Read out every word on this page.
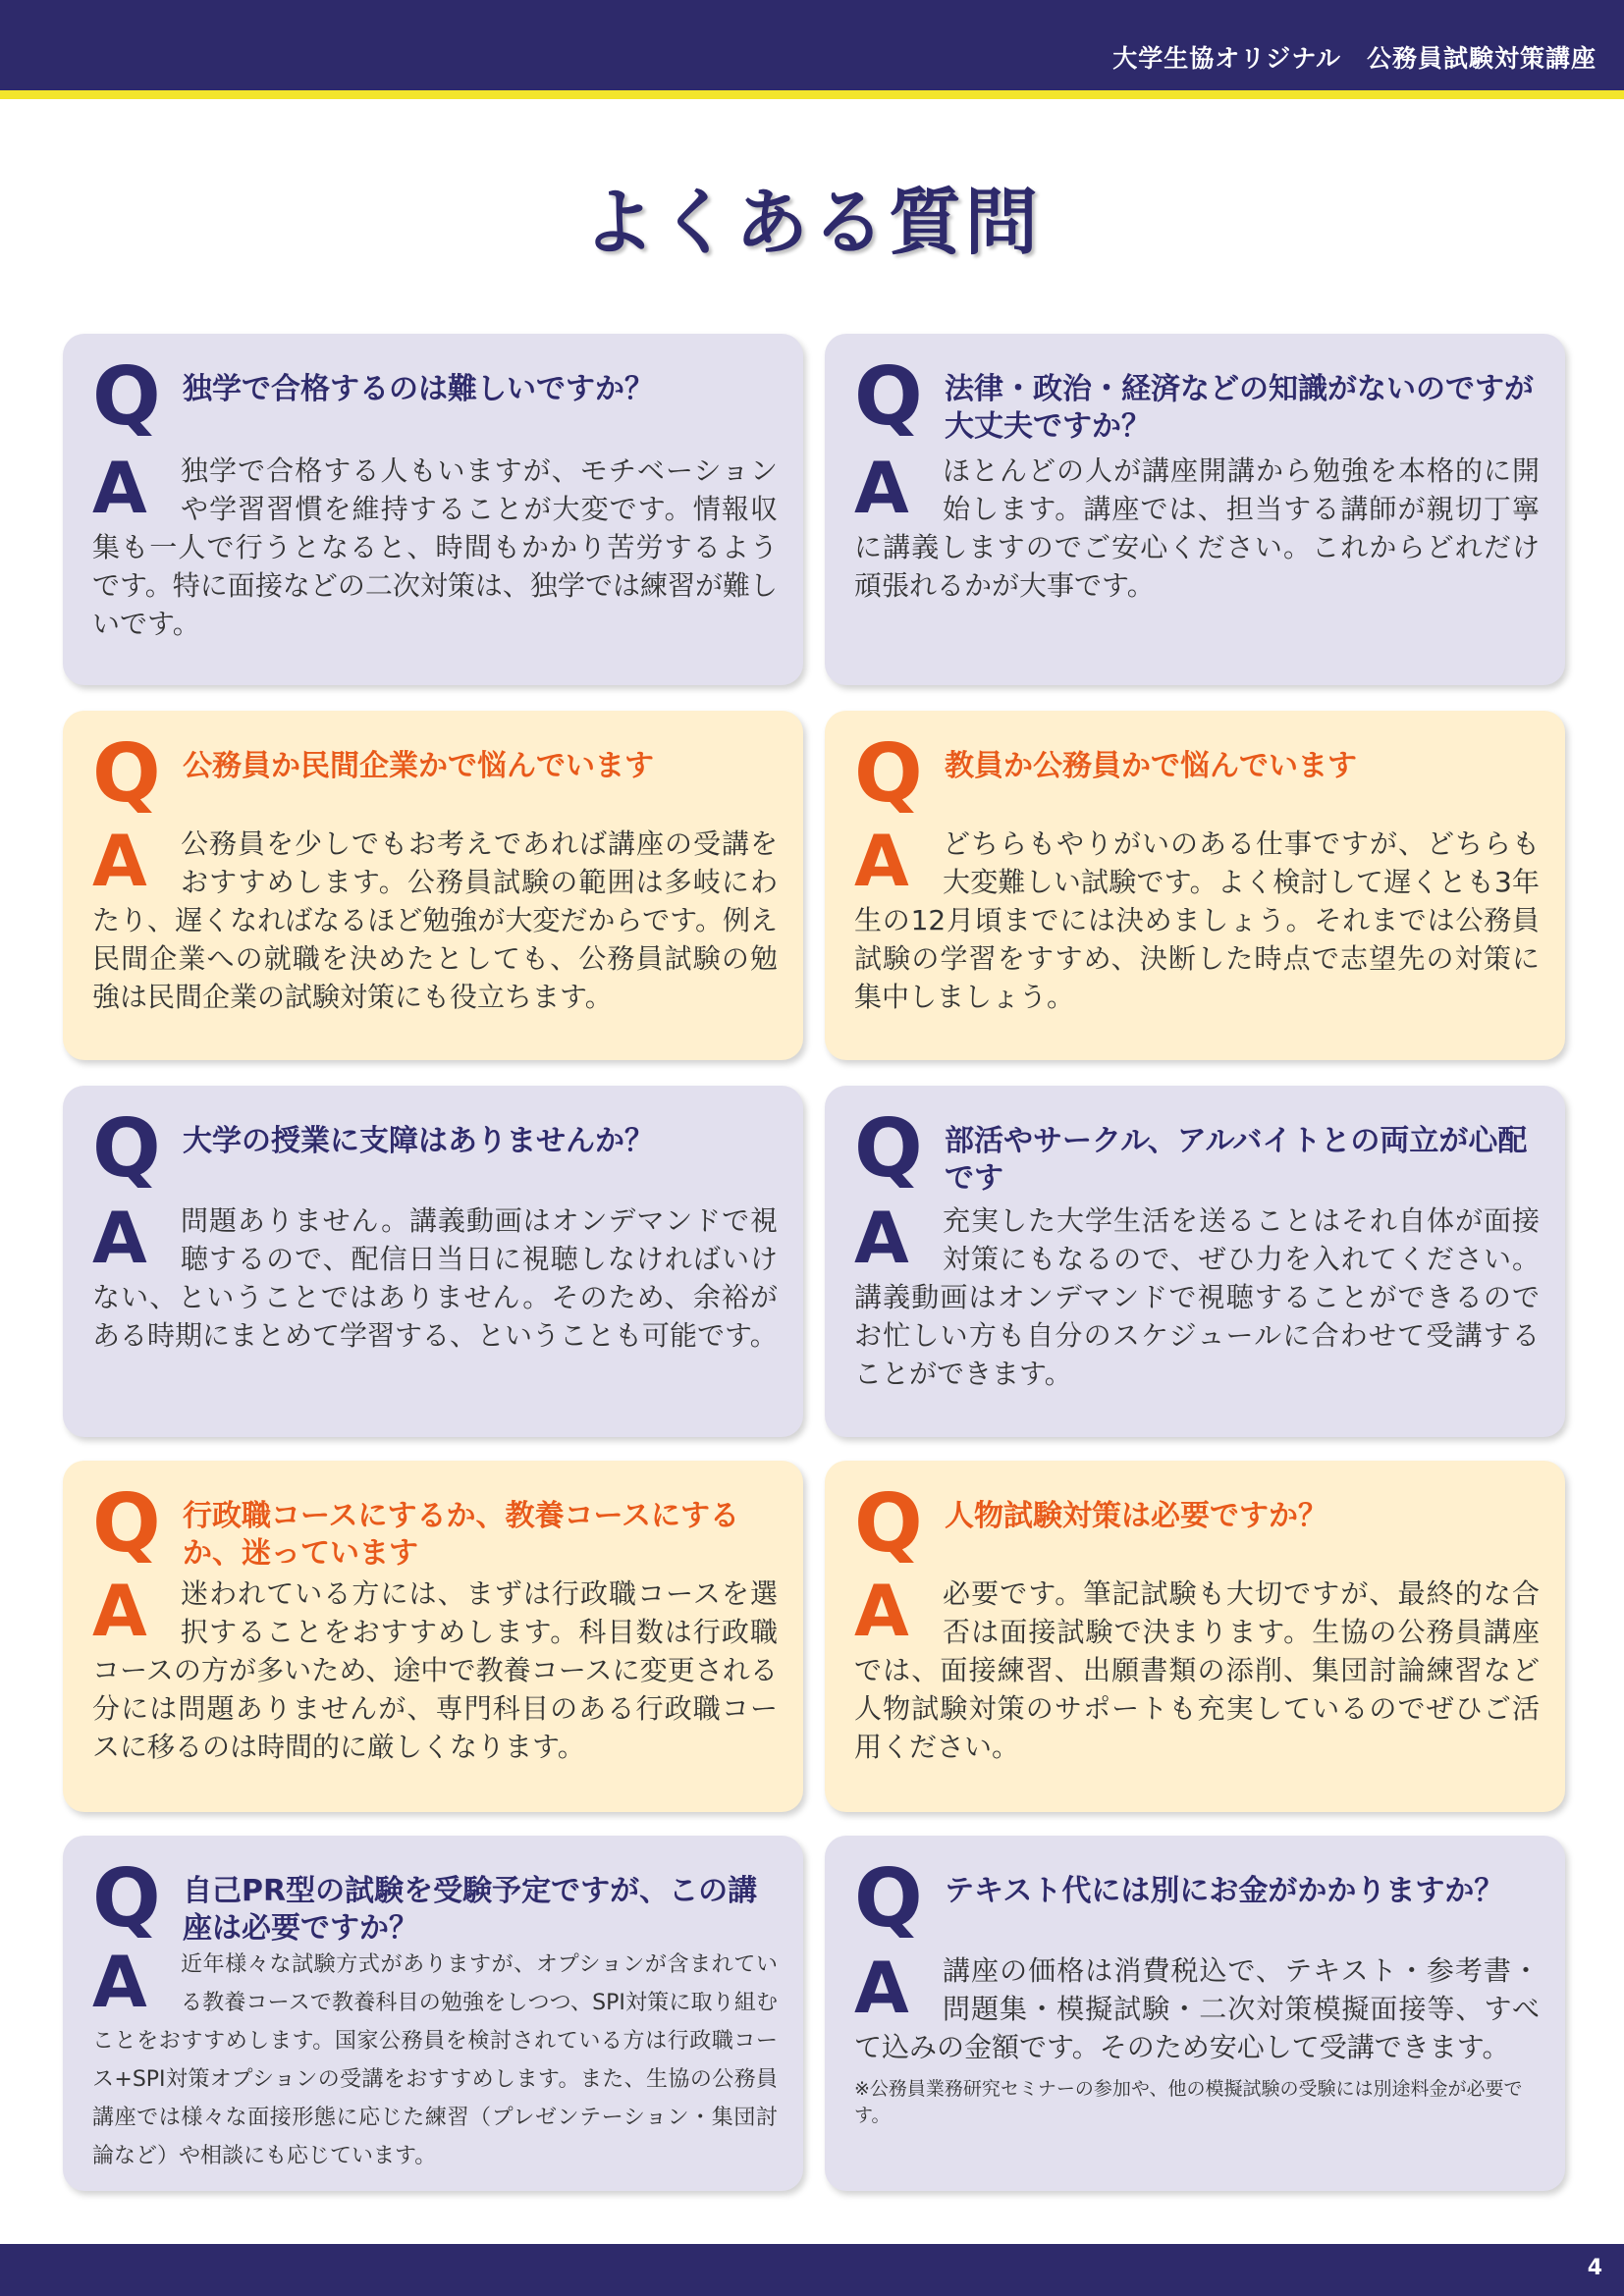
大学生協オリジナル　公務員試験対策講座
よくある質問
Q 独学で合格するのは難しいですか？
A	独学で合格する人もいますが、モチベーションや学習習慣を維持することが大変です。情報収集も一人で行うとなると、時間もかかり苦労するようです。特に面接などの二次対策は、独学では練習が難しいです。
Q 法律・政治・経済などの知識がないのですが大丈夫ですか？
A	ほとんどの人が講座開講から勉強を本格的に開始します。講座では、担当する講師が親切丁寧に講義しますのでご安心ください。これからどれだけ頑張れるかが大事です。
Q 公務員か民間企業かで悩んでいます
A	公務員を少しでもお考えであれば講座の受講をおすすめします。公務員試験の範囲は多岐にわたり、遅くなればなるほど勉強が大変だからです。例え民間企業への就職を決めたとしても、公務員試験の勉強は民間企業の試験対策にも役立ちます。
Q 教員か公務員かで悩んでいます
A	どちらもやりがいのある仕事ですが、どちらも大変難しい試験です。よく検討して遅くとも3年生の12月頃までには決めましょう。それまでは公務員試験の学習をすすめ、決断した時点で志望先の対策に集中しましょう。
Q 大学の授業に支障はありませんか？
A	問題ありません。講義動画はオンデマンドで視聴するので、配信日当日に視聴しなければいけない、ということではありません。そのため、余裕がある時期にまとめて学習する、ということも可能です。
Q 部活やサークル、アルバイトとの両立が心配です
A	充実した大学生活を送ることはそれ自体が面接対策にもなるので、ぜひ力を入れてください。講義動画はオンデマンドで視聴することができるのでお忙しい方も自分のスケジュールに合わせて受講することができます。
Q 行政職コースにするか、教養コースにするか、迷っています
A	迷われている方には、まずは行政職コースを選択することをおすすめします。科目数は行政職コースの方が多いため、途中で教養コースに変更される分には問題ありませんが、専門科目のある行政職コースに移るのは時間的に厳しくなります。
Q 人物試験対策は必要ですか？
A	必要です。筆記試験も大切ですが、最終的な合否は面接試験で決まります。生協の公務員講座では、面接練習、出願書類の添削、集団討論練習など人物試験対策のサポートも充実しているのでぜひご活用ください。
Q 自己PR型の試験を受験予定ですが、この講座は必要ですか？
A	近年様々な試験方式がありますが、オプションが含まれている教養コースで教養科目の勉強をしつつ、SPI対策に取り組むことをおすすめします。国家公務員を検討されている方は行政職コース+SPI対策オプションの受講をおすすめします。また、生協の公務員講座では様々な面接形態に応じた練習（プレゼンテーション・集団討論など）や相談にも応じています。
Q テキスト代には別にお金がかかりますか？
A	講座の価格は消費税込で、テキスト・参考書・問題集・模擬試験・二次対策模擬面接等、すべて込みの金額です。そのため安心して受講できます。
※公務員業務研究セミナーの参加や、他の模擬試験の受験には別途料金が必要です。
4
